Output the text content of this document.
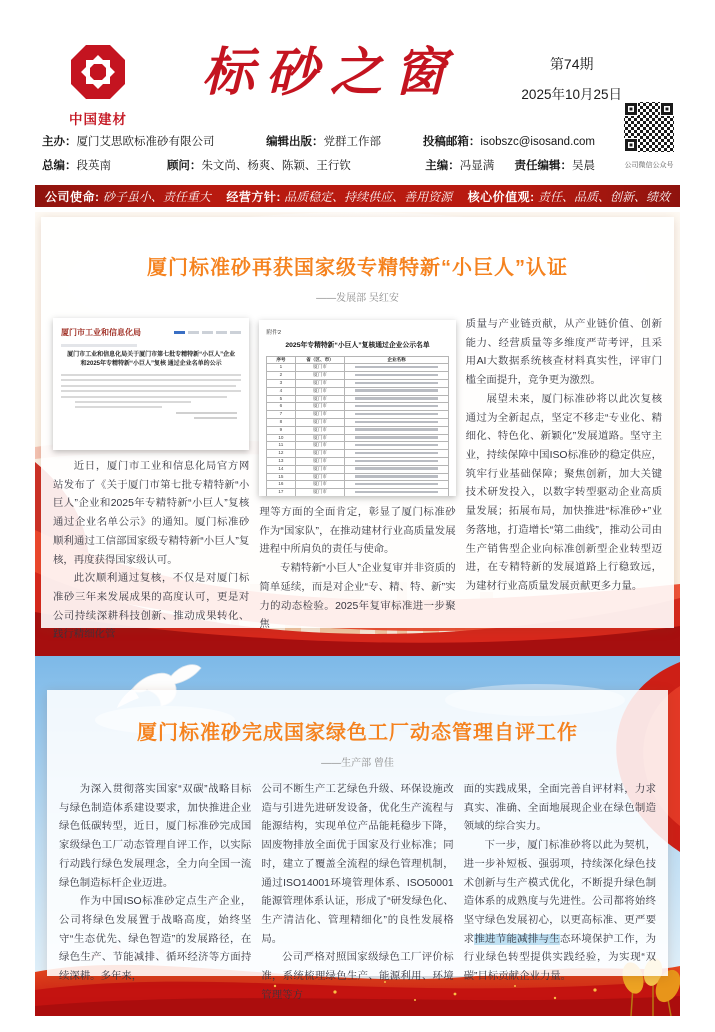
中国建材
标砂之窗	第74期
2025年10月25日
公司微信公众号
主办：厦门艾思欧标准砂有限公司	编辑出版：党群工作部	投稿邮箱：isobszc@isosand.com
总编：段英南	顾问：朱文尚、杨爽、陈颖、王行钦	主编：冯显满	责任编辑：吴晨
公司使命: 砂子虽小、责任重大 经营方针: 品质稳定、持续供应、善用资源 核心价值观: 责任、品质、创新、绩效
厦门标准砂再获国家级专精特新“小巨人”认证
——发展部 吴红安
厦门市工业和信息化局
厦门市工业和信息化局关于厦门市第七批专精特新“小巨人”企业和2025年专精特新“小巨人”复核 通过企业名单的公示

近日，厦门市工业和信息化局官方网站发布了《关于厦门市第七批专精特新“小巨人”企业和2025年专精特新“小巨人”复核通过企业名单公示》的通知。厦门标准砂顺利通过工信部国家级专精特新“小巨人”复核，再度获得国家级认可。

此次顺利通过复核，不仅是对厦门标准砂三年来发展成果的高度认可，更是对公司持续深耕科技创新、推动成果转化、践行精细化管

附件2
2025年专精特新“小巨人”复核通过企业公示名单
序号	省（区、市）	企业名称
1	厦门市	
2	厦门市	
3	厦门市	
4	厦门市	
5	厦门市	
6	厦门市	
7	厦门市	
8	厦门市	
9	厦门市	
10	厦门市	
11	厦门市	
12	厦门市	
13	厦门市	
14	厦门市	
15	厦门市	
16	厦门市	
17	厦门市	

理等方面的全面肯定，彰显了厦门标准砂作为“国家队”，在推动建材行业高质量发展进程中所肩负的责任与使命。

专精特新“小巨人”企业复审并非资质的简单延续，而是对企业“专、精、特、新”实力的动态检验。2025年复审标准进一步聚焦

质量与产业链贡献，从产业链价值、创新能力、经营质量等多维度严苛考评，且采用AI大数据系统核查材料真实性，评审门槛全面提升，竞争更为激烈。

展望未来，厦门标准砂将以此次复核通过为全新起点，坚定不移走“专业化、精细化、特色化、新颖化”发展道路。坚守主业，持续保障中国ISO标准砂的稳定供应，筑牢行业基础保障；聚焦创新，加大关键技术研发投入，以数字转型驱动企业高质量发展；拓展布局，加快推进“标准砂+”业务落地，打造增长“第二曲线”，推动公司由生产销售型企业向标准创新型企业转型迈进，在专精特新的发展道路上行稳致远，为建材行业高质量发展贡献更多力量。

厦门标准砂完成国家绿色工厂动态管理自评工作
——生产部 曾佳

为深入贯彻落实国家“双碳”战略目标与绿色制造体系建设要求，加快推进企业绿色低碳转型，近日，厦门标准砂完成国家级绿色工厂动态管理自评工作，以实际行动践行绿色发展理念，全力向全国一流绿色制造标杆企业迈进。

作为中国ISO标准砂定点生产企业，公司将绿色发展置于战略高度，始终坚守“生态优先、绿色智造”的发展路径，在绿色生产、节能减排、循环经济等方面持续深耕。多年来，

公司不断生产工艺绿色升级、环保设施改造与引进先进研发设备，优化生产流程与能源结构，实现单位产品能耗稳步下降，固废物排放全面优于国家及行业标准；同时，建立了覆盖全流程的绿色管理机制，通过ISO14001环境管理体系、ISO50001能源管理体系认证，形成了“研发绿色化、生产清洁化、管理精细化”的良性发展格局。

公司严格对照国家级绿色工厂评价标准，系统梳理绿色生产、能源利用、环境管理等方

面的实践成果，全面完善自评材料，力求真实、准确、全面地展现企业在绿色制造领域的综合实力。

下一步，厦门标准砂将以此为契机，进一步补短板、强弱项，持续深化绿色技术创新与生产模式优化，不断提升绿色制造体系的成熟度与先进性。公司都将始终坚守绿色发展初心，以更高标准、更严要求推进节能减排与生态环境保护工作，为行业绿色转型提供实践经验，为实现“双碳”目标贡献企业力量。
